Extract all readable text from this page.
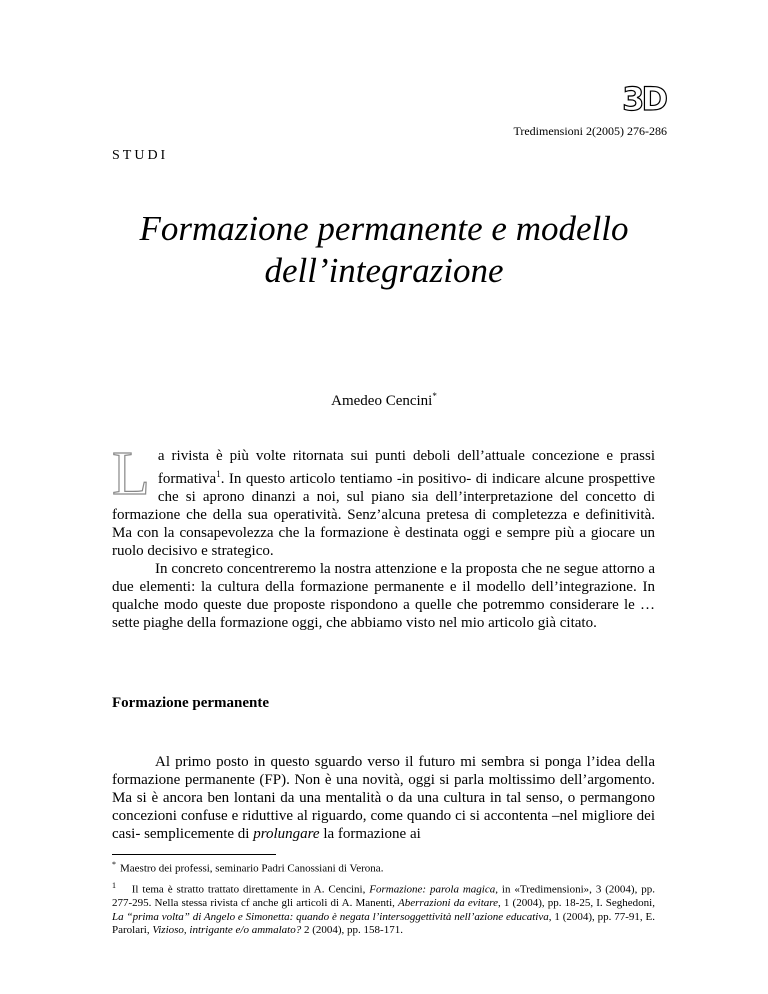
3D
Tredimensioni 2(2005) 276-286
STUDI
Formazione permanente e modello
dell’integrazione
Amedeo Cencini*
L a rivista è più volte ritornata sui punti deboli dell’attuale concezione e prassi formativa$^1$. In questo articolo tentiamo -in positivo- di indicare alcune prospettive che si aprono dinanzi a noi, sul piano sia dell’interpretazione del concetto di formazione che della sua operatività. Senz’alcuna pretesa di completezza e definitività. Ma con la consapevolezza che la formazione è destinata oggi e sempre più a giocare un ruolo decisivo e strategico.

In concreto concentreremo la nostra attenzione e la proposta che ne segue attorno a due elementi: la cultura della formazione permanente e il modello dell’integrazione. In qualche modo queste due proposte rispondono a quelle che potremmo considerare le …sette piaghe della formazione oggi, che abbiamo visto nel mio articolo già citato.

Formazione permanente
Al primo posto in questo sguardo verso il futuro mi sembra si ponga l’idea della formazione permanente (FP). Non è una novità, oggi si parla moltissimo dell’argomento. Ma si è ancora ben lontani da una mentalità o da una cultura in tal senso, o permangono concezioni confuse e riduttive al riguardo, come quando ci si accontenta –nel migliore dei casi- semplicemente di prolungare la formazione ai

* Maestro dei professi, seminario Padri Canossiani di Verona.

$^1$ Il tema è stratto trattato direttamente in A. Cencini, Formazione: parola magica, in «Tredimensioni», 3 (2004), pp. 277-295. Nella stessa rivista cf anche gli articoli di A. Manenti, Aberrazioni da evitare, 1 (2004), pp. 18-25, I. Seghedoni, La “prima volta” di Angelo e Simonetta: quando è negata l’intersoggettività nell’azione educativa, 1 (2004), pp. 77-91, E. Parolari, Vizioso, intrigante e/o ammalato? 2 (2004), pp. 158-171.
